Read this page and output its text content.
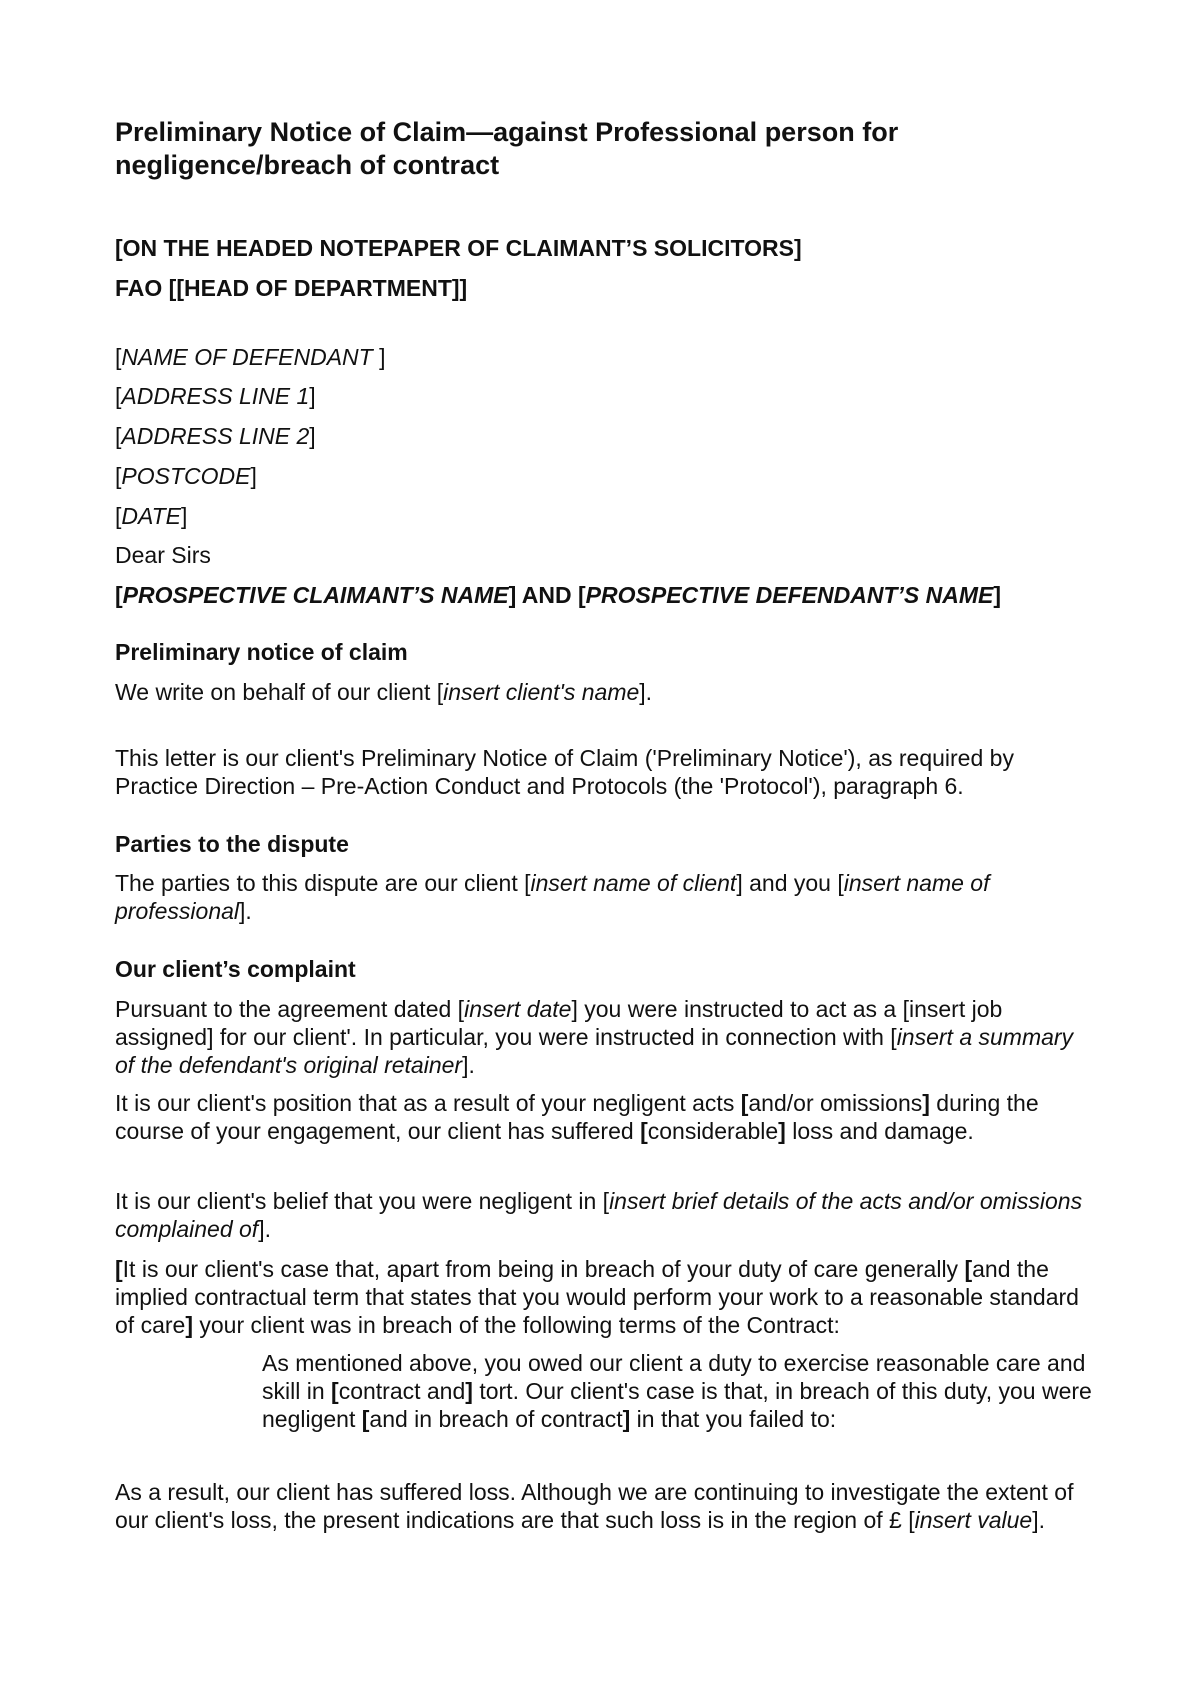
Preliminary Notice of Claim—against Professional person for negligence/breach of contract

[ON THE HEADED NOTEPAPER OF CLAIMANT’S SOLICITORS]

FAO [[HEAD OF DEPARTMENT]]

[NAME OF DEFENDANT ]

[ADDRESS LINE 1]

[ADDRESS LINE 2]

[POSTCODE]

[DATE]

Dear Sirs

[PROSPECTIVE CLAIMANT’S NAME] AND [PROSPECTIVE DEFENDANT’S NAME]

Preliminary notice of claim

We write on behalf of our client [insert client's name].

This letter is our client's Preliminary Notice of Claim ('Preliminary Notice'), as required by Practice Direction – Pre-Action Conduct and Protocols (the 'Protocol'), paragraph 6.

Parties to the dispute

The parties to this dispute are our client [insert name of client] and you [insert name of professional].

Our client’s complaint

Pursuant to the agreement dated [insert date] you were instructed to act as a [insert job assigned] for our client'. In particular, you were instructed in connection with [insert a summary of the defendant's original retainer].

It is our client's position that as a result of your negligent acts [and/or omissions] during the course of your engagement, our client has suffered [considerable] loss and damage.

It is our client's belief that you were negligent in [insert brief details of the acts and/or omissions complained of].

[It is our client's case that, apart from being in breach of your duty of care generally [and the implied contractual term that states that you would perform your work to a reasonable standard of care] your client was in breach of the following terms of the Contract:

As mentioned above, you owed our client a duty to exercise reasonable care and skill in [contract and] tort. Our client's case is that, in breach of this duty, you were negligent [and in breach of contract] in that you failed to:

As a result, our client has suffered loss. Although we are continuing to investigate the extent of our client's loss, the present indications are that such loss is in the region of £ [insert value].
